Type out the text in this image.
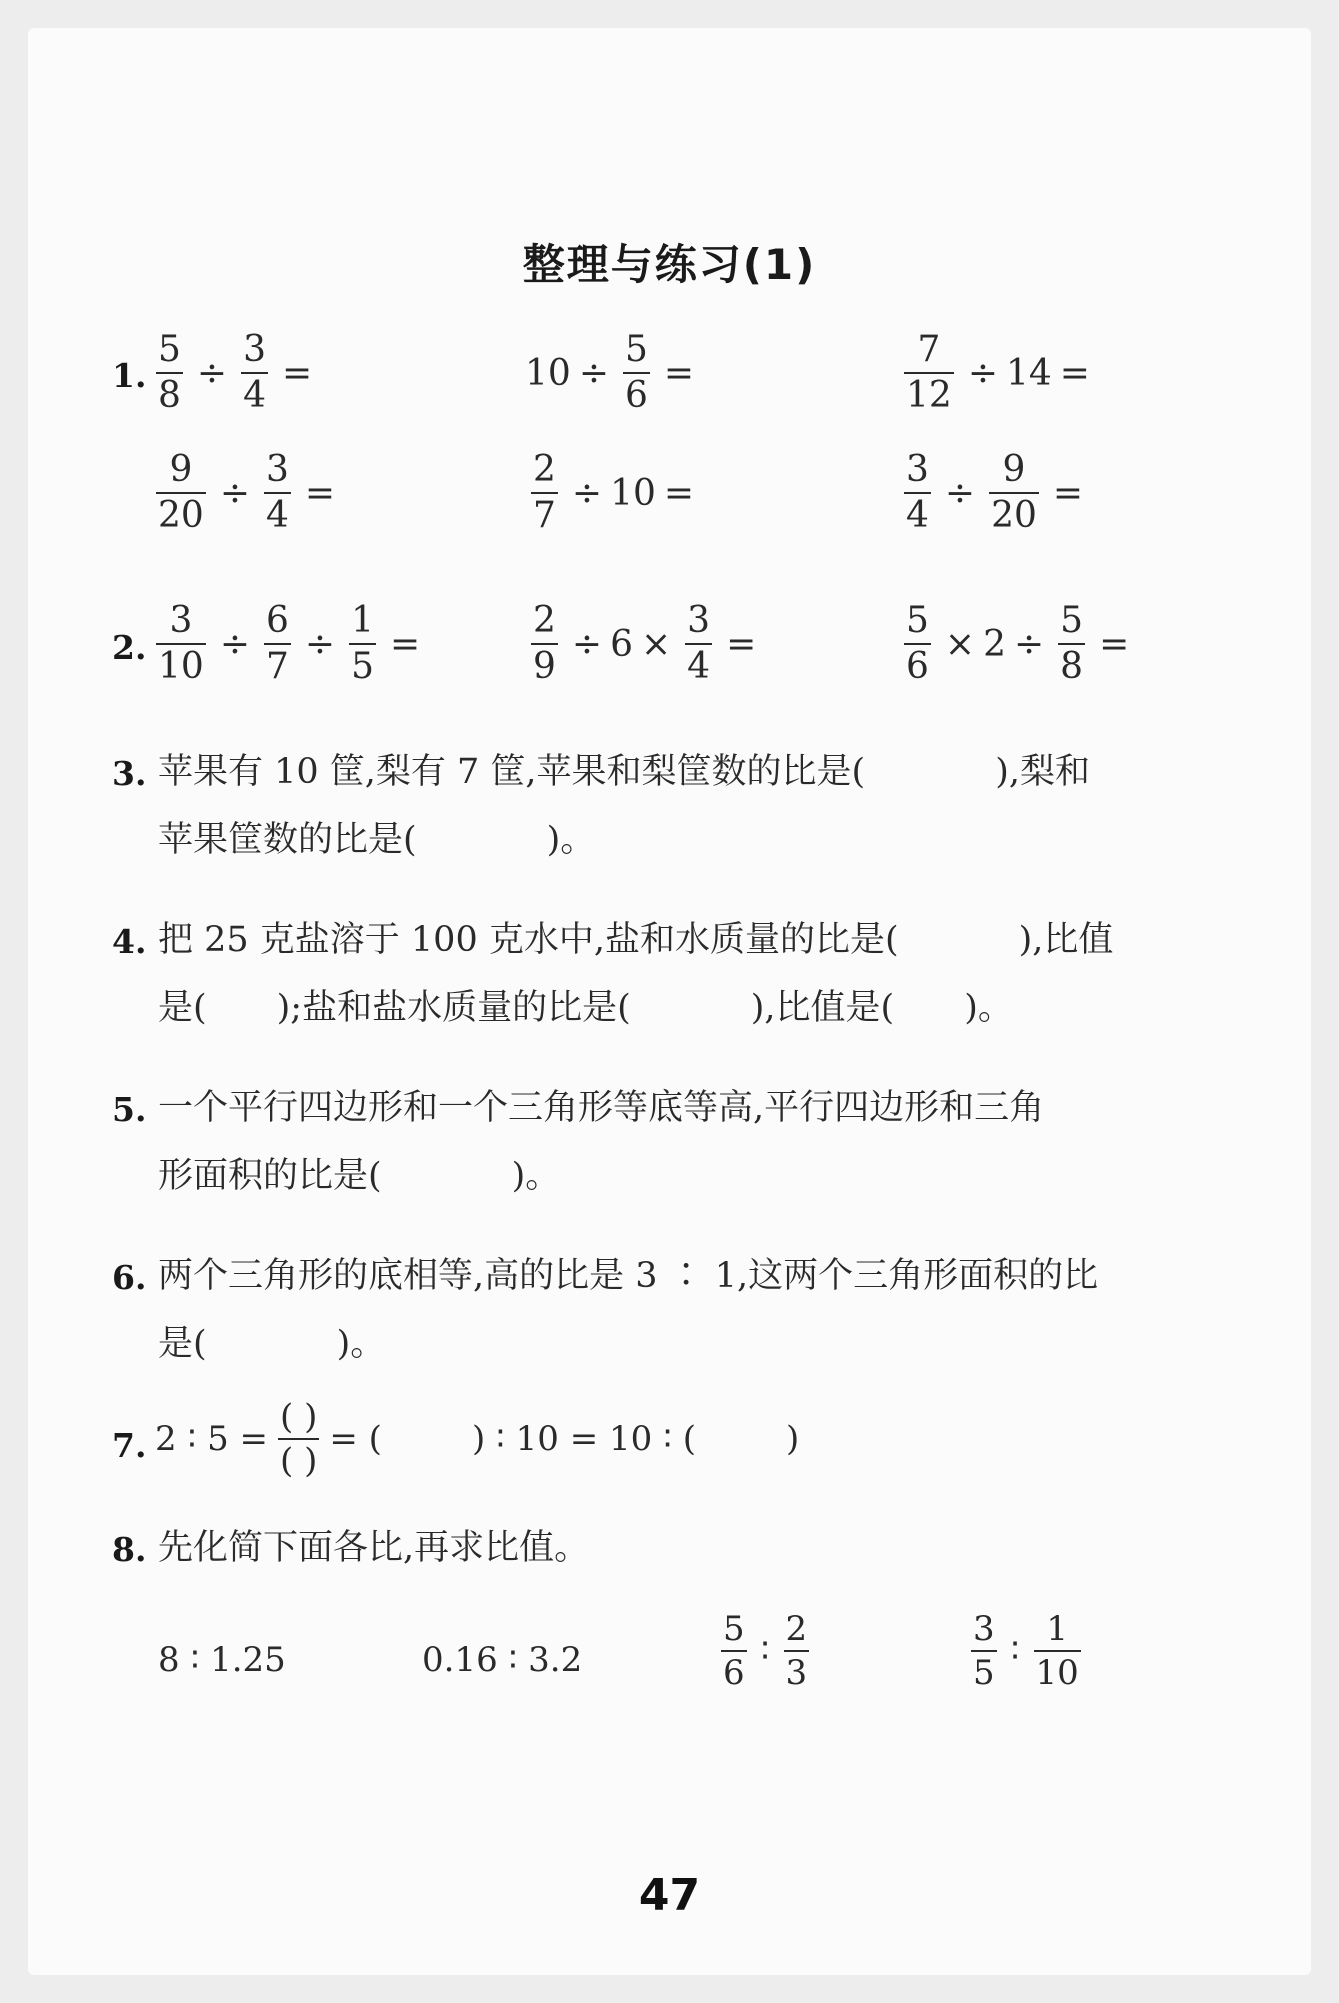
整理与练习(1)
1. $\frac{5}{8} \div \frac{3}{4}$ =	$10 \div \frac{5}{6}$ =	$\frac{7}{12} \div 14$ =
$\frac{9}{20} \div \frac{3}{4}$ =	$\frac{2}{7} \div 10$ =	$\frac{3}{4} \div \frac{9}{20}$ =
2. $\frac{3}{10} \div \frac{6}{7} \div \frac{1}{5}$ =	$\frac{2}{9} \div 6 \times \frac{3}{4}$ =	$\frac{5}{6} \times 2 \div \frac{5}{8}$ =
3. 苹果有 10 筐,梨有 7 筐,苹果和梨筐数的比是(	),梨和
苹果筐数的比是(	)。
4. 把 25 克盐溶于 100 克水中,盐和水质量的比是(	),比值
是( );盐和盐水质量的比是(	),比值是( )。
5. 一个平行四边形和一个三角形等底等高,平行四边形和三角
形面积的比是(	)。
6. 两个三角形的底相等,高的比是 3 ∶ 1,这两个三角形面积的比
是(	)。
7. 2 ∶ $5 = \frac{( )}{( )}$ = (	) ∶ 10 = 10 ∶ (	)
8. 先化简下面各比,再求比值。
8 ∶ 1.25	0.16 ∶ 3.2	$\frac{5}{6}$ ∶ $\frac{2}{3}$	$\frac{3}{5}$ ∶ $\frac{1}{10}$
47
